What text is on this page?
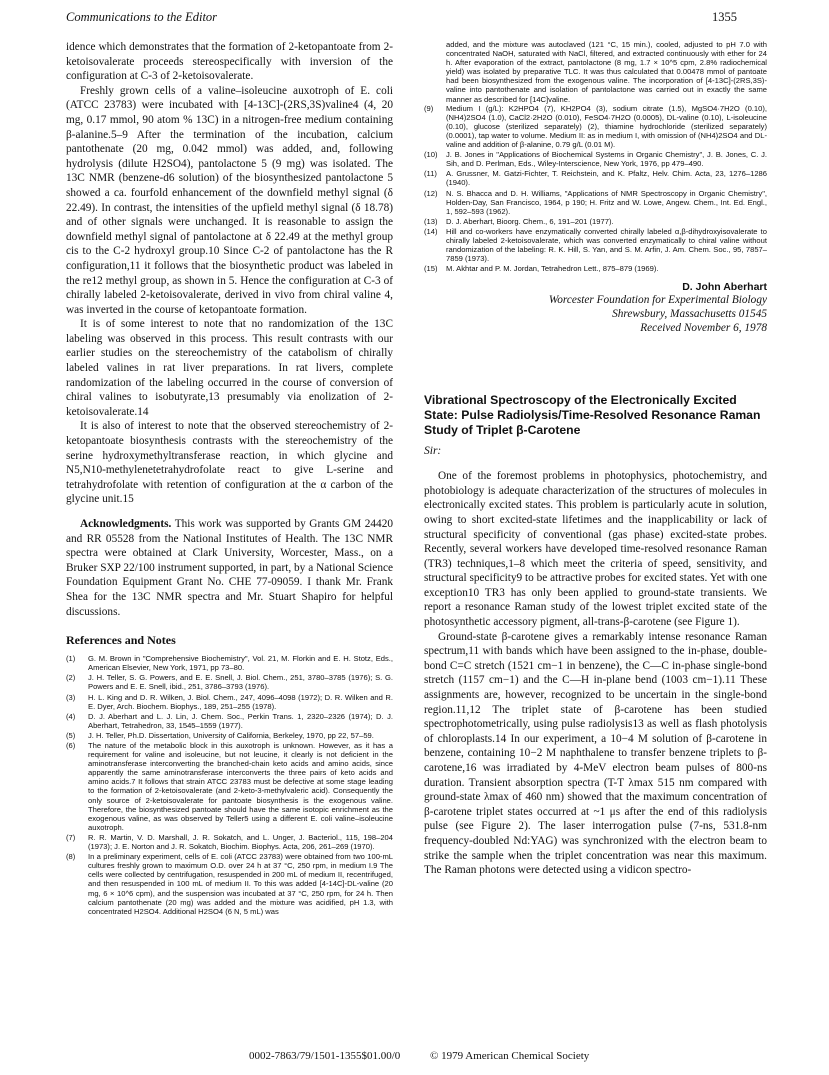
Communications to the Editor	1355

idence which demonstrates that the formation of 2-ketopantoate from 2-ketoisovalerate proceeds stereospecifically with inversion of the configuration at C-3 of 2-ketoisovalerate.

Freshly grown cells of a valine–isoleucine auxotroph of E. coli (ATCC 23783) were incubated with [4-13C]-(2RS,3S)valine4 (4, 20 mg, 0.17 mmol, 90 atom % 13C) in a nitrogen-free medium containing β-alanine.5–9 After the termination of the incubation, calcium pantothenate (20 mg, 0.042 mmol) was added, and, following hydrolysis (dilute H2SO4), pantolactone 5 (9 mg) was isolated. The 13C NMR (benzene-d6 solution) of the biosynthesized pantolactone 5 showed a ca. fourfold enhancement of the downfield methyl signal (δ 22.49). In contrast, the intensities of the upfield methyl signal (δ 18.78) and of other signals were unchanged. It is reasonable to assign the downfield methyl signal of pantolactone at δ 22.49 at the methyl group cis to the C-2 hydroxyl group.10 Since C-2 of pantolactone has the R configuration,11 it follows that the biosynthetic product was labeled in the re12 methyl group, as shown in 5. Hence the configuration at C-3 of chirally labeled 2-ketoisovalerate, derived in vivo from chiral valine 4, was inverted in the course of ketopantoate formation.

It is of some interest to note that no randomization of the 13C labeling was observed in this process. This result contrasts with our earlier studies on the stereochemistry of the catabolism of chirally labeled valines in rat liver preparations. In rat livers, complete randomization of the labeling occurred in the course of conversion of chiral valines to isobutyrate,13 presumably via enolization of 2-ketoisovalerate.14

It is also of interest to note that the observed stereochemistry of 2-ketopantoate biosynthesis contrasts with the stereochemistry of the serine hydroxymethyltransferase reaction, in which glycine and N5,N10-methylenetetrahydrofolate react to give L-serine and tetrahydrofolate with retention of configuration at the α carbon of the glycine unit.15

Acknowledgments. This work was supported by Grants GM 24420 and RR 05528 from the National Institutes of Health. The 13C NMR spectra were obtained at Clark University, Worcester, Mass., on a Bruker SXP 22/100 instrument supported, in part, by a National Science Foundation Equipment Grant No. CHE 77-09059. I thank Mr. Frank Shea for the 13C NMR spectra and Mr. Stuart Shapiro for helpful discussions.

References and Notes
(1)	G. M. Brown in "Comprehensive Biochemistry", Vol. 21, M. Florkin and E. H. Stotz, Eds., American Elsevier, New York, 1971, pp 73–80.
(2)	J. H. Teller, S. G. Powers, and E. E. Snell, J. Biol. Chem., 251, 3780–3785 (1976); S. G. Powers and E. E. Snell, ibid., 251, 3786–3793 (1976).
(3)	H. L. King and D. R. Wilken, J. Biol. Chem., 247, 4096–4098 (1972); D. R. Wilken and R. E. Dyer, Arch. Biochem. Biophys., 189, 251–255 (1978).
(4)	D. J. Aberhart and L. J. Lin, J. Chem. Soc., Perkin Trans. 1, 2320–2326 (1974); D. J. Aberhart, Tetrahedron, 33, 1545–1559 (1977).
(5)	J. H. Teller, Ph.D. Dissertation, University of California, Berkeley, 1970, pp 22, 57–59.
(6)	The nature of the metabolic block in this auxotroph is unknown. However, as it has a requirement for valine and isoleucine, but not leucine, it clearly is not deficient in the aminotransferase interconverting the branched-chain keto acids and amino acids, since apparently the same aminotransferase interconverts the three pairs of keto acids and amino acids.7 It follows that strain ATCC 23783 must be defective at some stage leading to the formation of 2-ketoisovalerate (and 2-keto-3-methylvaleric acid). Consequently the only source of 2-ketoisovalerate for pantoate biosynthesis is the exogenous valine. Therefore, the biosynthesized pantoate should have the same isotopic enrichment as the exogenous valine, as was observed by Teller5 using a different E. coli valine–isoleucine auxotroph.
(7)	R. R. Martin, V. D. Marshall, J. R. Sokatch, and L. Unger, J. Bacteriol., 115, 198–204 (1973); J. E. Norton and J. R. Sokatch, Biochim. Biophys. Acta, 206, 261–269 (1970).
(8)	In a preliminary experiment, cells of E. coli (ATCC 23783) were obtained from two 100-mL cultures freshly grown to maximum O.D. over 24 h at 37 °C, 250 rpm, in medium I.9 The cells were collected by centrifugation, resuspended in 200 mL of medium II, recentrifuged, and then resuspended in 100 mL of medium II. To this was added [4-14C]-DL-valine (20 mg, 6 × 10^6 cpm), and the suspension was incubated at 37 °C, 250 rpm, for 24 h. Then calcium pantothenate (20 mg) was added and the mixture was acidified, pH 1.3, with concentrated H2SO4. Additional H2SO4 (6 N, 5 mL) was
added, and the mixture was autoclaved (121 °C, 15 min.), cooled, adjusted to pH 7.0 with concentrated NaOH, saturated with NaCl, filtered, and extracted continuously with ether for 24 h. After evaporation of the extract, pantolactone (8 mg, 1.7 × 10^5 cpm, 2.8% radiochemical yield) was isolated by preparative TLC. It was thus calculated that 0.00478 mmol of pantoate had been biosynthesized from the exogenous valine. The incorporation of [4-13C]-(2RS,3S)-valine into pantothenate and isolation of pantolactone was carried out in exactly the same manner as described for [14C]valine.
(9)	Medium I (g/L): K2HPO4 (7), KH2PO4 (3), sodium citrate (1.5), MgSO4·7H2O (0.10), (NH4)2SO4 (1.0), CaCl2·2H2O (0.010), FeSO4·7H2O (0.0005), DL-valine (0.10), L-isoleucine (0.10), glucose (sterilized separately) (2), thiamine hydrochloride (sterilized separately) (0.0001), tap water to volume. Medium II: as in medium I, with omission of (NH4)2SO4 and DL-valine and addition of β-alanine, 0.79 g/L (0.01 M).
(10)	J. B. Jones in "Applications of Biochemical Systems in Organic Chemistry", J. B. Jones, C. J. Sih, and D. Perlman, Eds., Wiley-Interscience, New York, 1976, pp 479–490.
(11)	A. Grussner, M. Gatzi-Fichter, T. Reichstein, and K. Pfaltz, Helv. Chim. Acta, 23, 1276–1286 (1940).
(12)	N. S. Bhacca and D. H. Williams, "Applications of NMR Spectroscopy in Organic Chemistry", Holden-Day, San Francisco, 1964, p 190; H. Fritz and W. Lowe, Angew. Chem., Int. Ed. Engl., 1, 592–593 (1962).
(13)	D. J. Aberhart, Bioorg. Chem., 6, 191–201 (1977).
(14)	Hill and co-workers have enzymatically converted chirally labeled α,β-dihydroxyisovalerate to chirally labeled 2-ketoisovalerate, which was converted enzymatically to chiral valine without randomization of the labeling: R. K. Hill, S. Yan, and S. M. Arfin, J. Am. Chem. Soc., 95, 7857–7859 (1973).
(15)	M. Akhtar and P. M. Jordan, Tetrahedron Lett., 875–879 (1969).
D. John Aberhart
Worcester Foundation for Experimental Biology
Shrewsbury, Massachusetts 01545
Received November 6, 1978
Vibrational Spectroscopy of the Electronically Excited State: Pulse Radiolysis/Time-Resolved Resonance Raman Study of Triplet β-Carotene
Sir:

One of the foremost problems in photophysics, photochemistry, and photobiology is adequate characterization of the structures of molecules in electronically excited states. This problem is particularly acute in solution, owing to short excited-state lifetimes and the inapplicability or lack of structural specificity of conventional (gas phase) excited-state probes. Recently, several workers have developed time-resolved resonance Raman (TR3) techniques,1–8 which meet the criteria of speed, sensitivity, and structural specificity9 to be attractive probes for excited states. Yet with one exception10 TR3 has only been applied to ground-state transients. We report a resonance Raman study of the lowest triplet excited state of the photosynthetic accessory pigment, all-trans-β-carotene (see Figure 1).

Ground-state β-carotene gives a remarkably intense resonance Raman spectrum,11 with bands which have been assigned to the in-phase, double-bond C=C stretch (1521 cm−1 in benzene), the C—C in-phase single-bond stretch (1157 cm−1) and the C—H in-plane bend (1003 cm−1).11 These assignments are, however, recognized to be uncertain in the single-bond region.11,12 The triplet state of β-carotene has been studied spectrophotometrically, using pulse radiolysis13 as well as flash photolysis of chloroplasts.14 In our experiment, a 10−4 M solution of β-carotene in benzene, containing 10−2 M naphthalene to transfer benzene triplets to β-carotene,16 was irradiated by 4-MeV electron beam pulses of 800-ns duration. Transient absorption spectra (T-T λmax 515 nm compared with ground-state λmax of 460 nm) showed that the maximum concentration of β-carotene triplet states occurred at ~1 μs after the end of this radiolysis pulse (see Figure 2). The laser interrogation pulse (7-ns, 531.8-nm frequency-doubled Nd:YAG) was synchronized with the electron beam to strike the sample when the triplet concentration was near this maximum. The Raman photons were detected using a vidicon spectro-

0002-7863/79/1501-1355$01.00/0	© 1979 American Chemical Society
